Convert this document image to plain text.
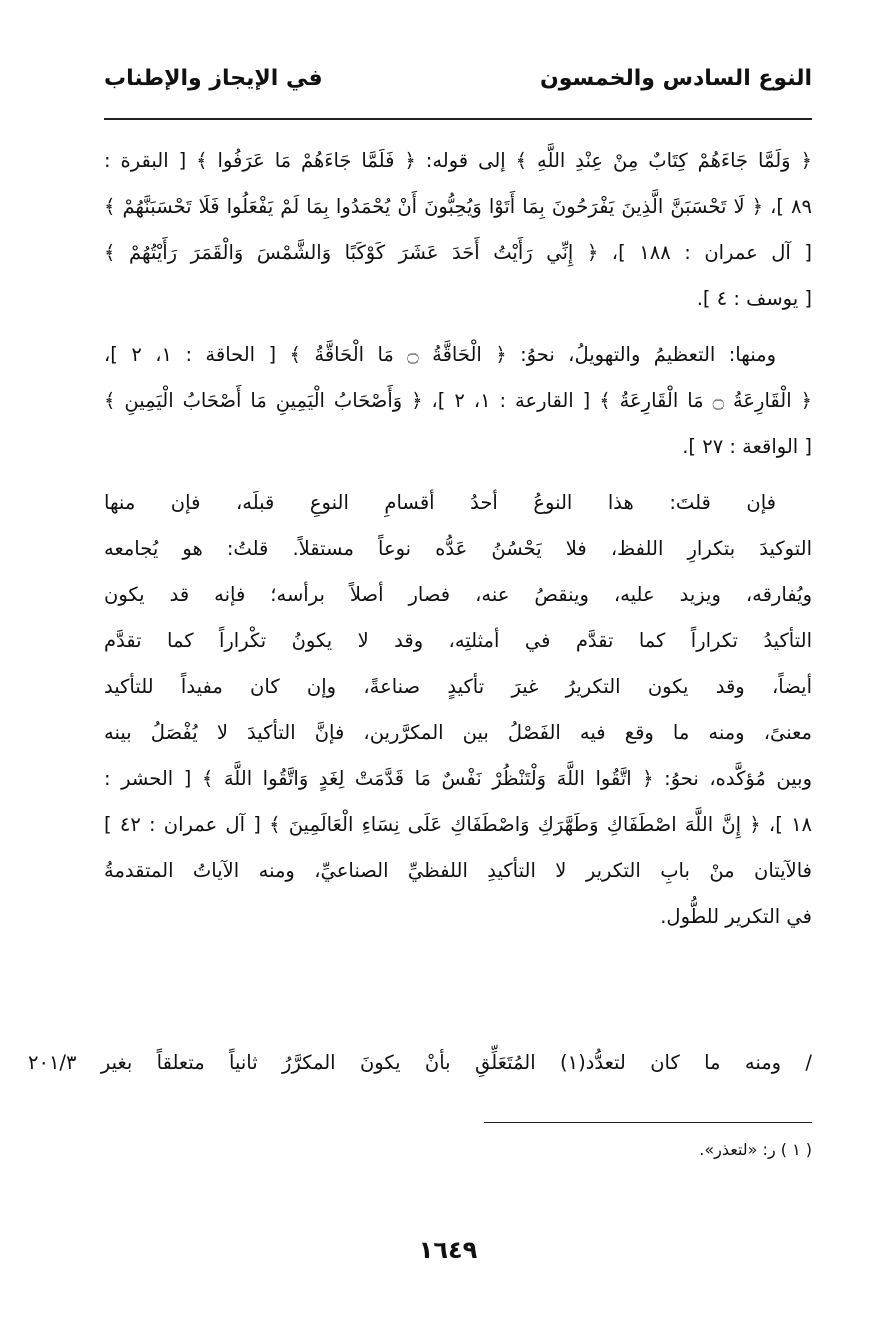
النوع السادس والخمسون
في الإيجاز والإطناب
﴿ وَلَمَّا جَاءَهُمْ كِتَابٌ مِنْ عِنْدِ اللَّهِ ﴾ إلى قوله: ﴿ فَلَمَّا جَاءَهُمْ مَا عَرَفُوا ﴾ [ البقرة :
٨٩ ]، ﴿ لَا تَحْسَبَنَّ الَّذِينَ يَفْرَحُونَ بِمَا أَتَوْا وَيُحِبُّونَ أَنْ يُحْمَدُوا بِمَا لَمْ يَفْعَلُوا فَلَا تَحْسَبَنَّهُمْ ﴾
[ آل عمران : ١٨٨ ]، ﴿ إِنِّي رَأَيْتُ أَحَدَ عَشَرَ كَوْكَبًا وَالشَّمْسَ وَالْقَمَرَ رَأَيْتُهُمْ ﴾
[ يوسف : ٤ ].
ومنها: التعظيمُ والتهويلُ، نحوُ: ﴿ الْحَاقَّةُ ۝ مَا الْحَاقَّةُ ﴾ [ الحاقة : ١، ٢ ]،
﴿ الْقَارِعَةُ ۝ مَا الْقَارِعَةُ ﴾ [ القارعة : ١، ٢ ]، ﴿ وَأَصْحَابُ الْيَمِينِ مَا أَصْحَابُ الْيَمِينِ ﴾
[ الواقعة : ٢٧ ].
فإن قلتَ: هذا النوعُ أحدُ أقسامِ النوعِ قبلَه، فإن منها
التوكيدَ بتكرارِ اللفظ، فلا يَحْسُنُ عَدُّه نوعاً مستقلاً. قلتُ: هو يُجامعه
ويُفارقه، ويزيد عليه، وينقصُ عنه، فصار أصلاً برأسه؛ فإنه قد يكون
التأكيدُ تكراراً كما تقدَّم في أمثلتِه، وقد لا يكونُ تكْراراً كما تقدَّم
أيضاً، وقد يكون التكريرُ غيرَ تأكيدٍ صناعةً، وإن كان مفيداً للتأكيد
معنىً، ومنه ما وقع فيه الفَصْلُ بين المكرَّرين، فإنَّ التأكيدَ لا يُفْصَلُ بينه
وبين مُؤكَّده، نحوُ: ﴿ اتَّقُوا اللَّهَ وَلْتَنْظُرْ نَفْسٌ مَا قَدَّمَتْ لِغَدٍ وَاتَّقُوا اللَّهَ ﴾ [ الحشر :
١٨ ]، ﴿ إِنَّ اللَّهَ اصْطَفَاكِ وَطَهَّرَكِ وَاصْطَفَاكِ عَلَى نِسَاءِ الْعَالَمِينَ ﴾ [ آل عمران : ٤٢ ]
فالآيتان منْ بابِ التكرير لا التأكيدِ اللفظيِّ الصناعيِّ، ومنه الآياتُ المتقدمةُ
في التكرير للطُّول.
/ ومنه ما كان لتعدُّد(١) المُتَعَلِّقِ بأنْ يكونَ المكرَّرُ ثانياً متعلقاً بغير ٢٠١/٣
( ١ ) ر: «لتعذر».
١٦٤٩
